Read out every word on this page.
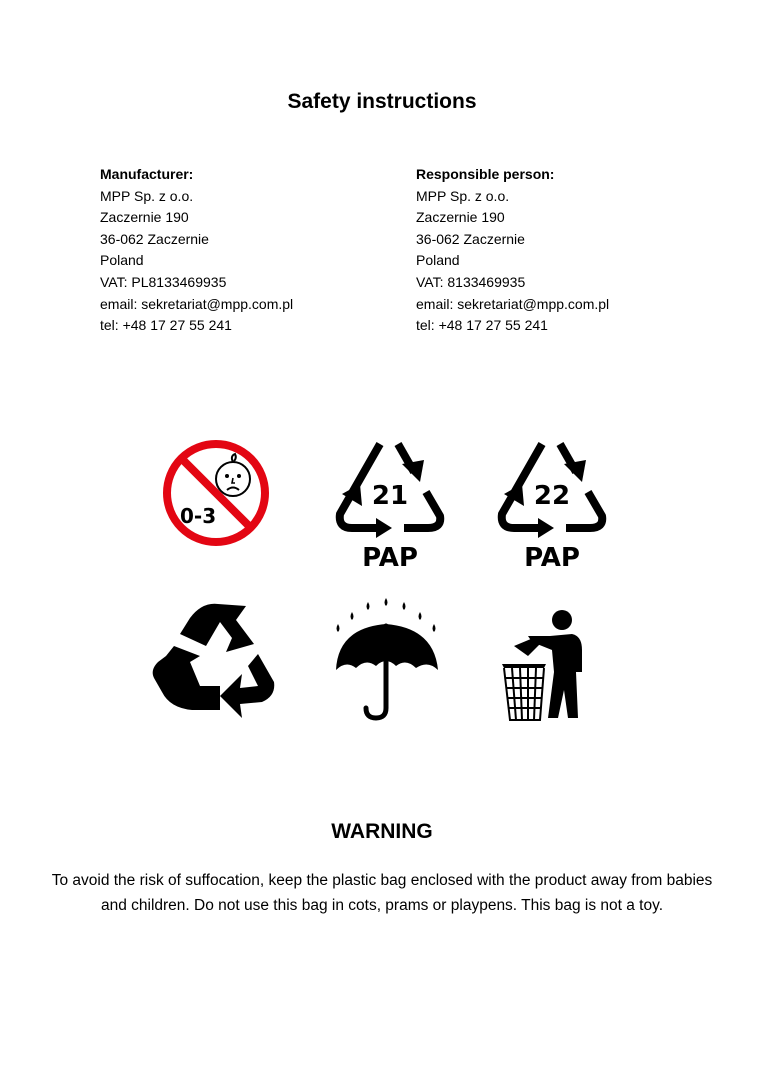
Safety instructions
Manufacturer:
MPP Sp. z o.o.
Zaczernie 190
36-062 Zaczernie
Poland
VAT: PL8133469935
email: sekretariat@mpp.com.pl
tel: +48 17 27 55 241
Responsible person:
MPP Sp. z o.o.
Zaczernie 190
36-062 Zaczernie
Poland
VAT: 8133469935
email: sekretariat@mpp.com.pl
tel: +48 17 27 55 241
0-3
21
PAP
22
PAP
WARNING
To avoid the risk of suffocation, keep the plastic bag enclosed with the product away from babies and children. Do not use this bag in cots, prams or playpens. This bag is not a toy.
